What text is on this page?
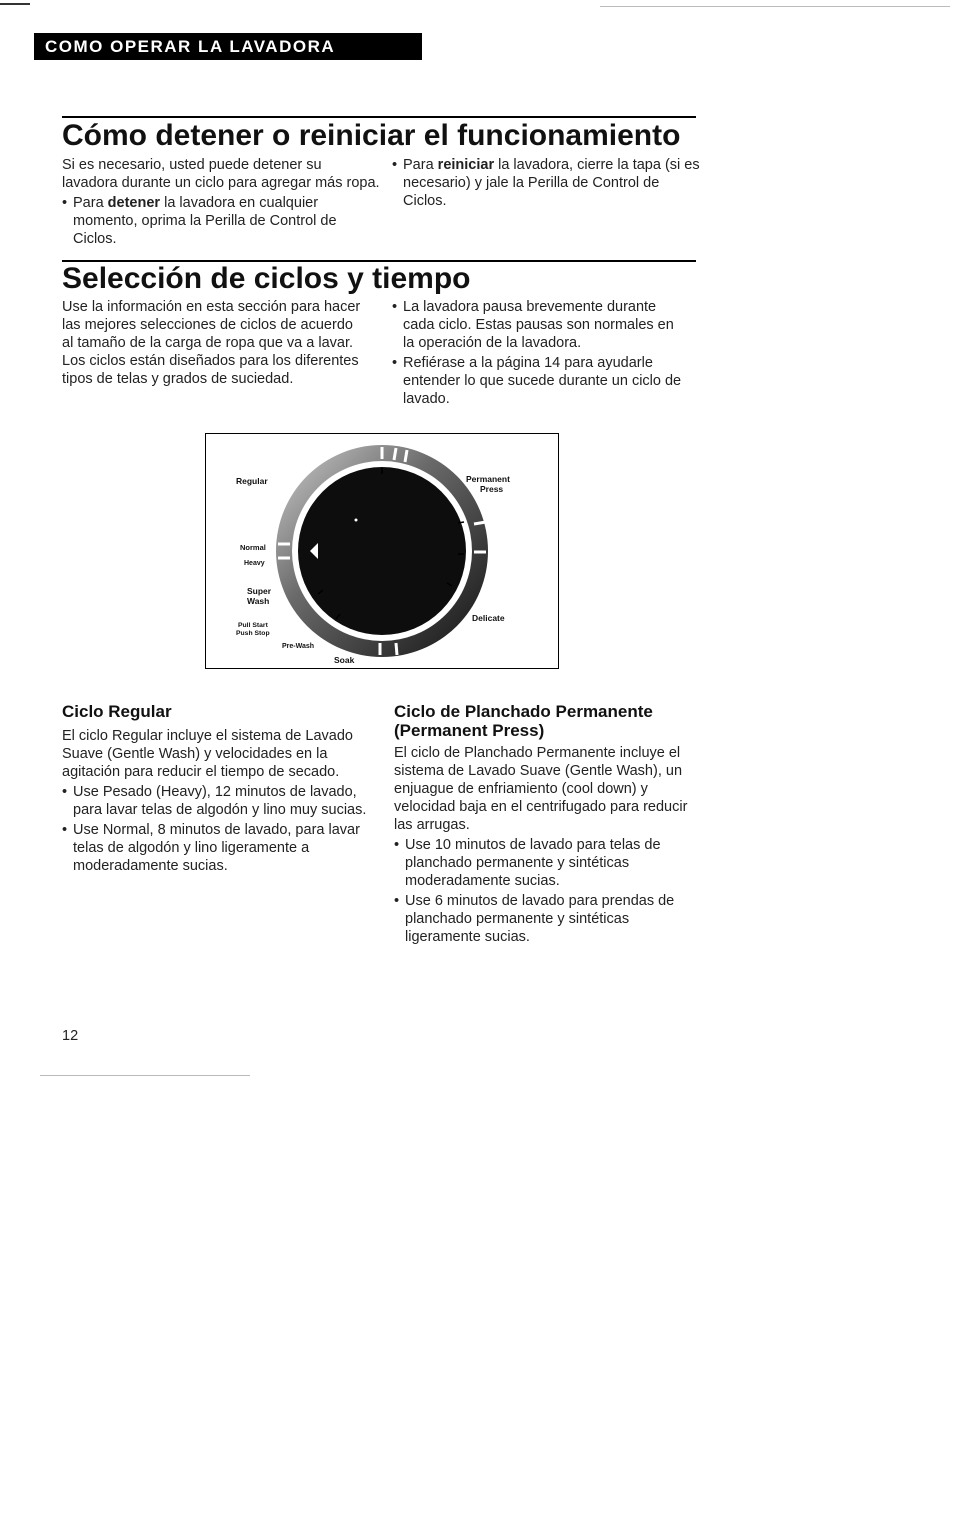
COMO OPERAR LA LAVADORA
Cómo detener o reiniciar el funcionamiento

Si es necesario, usted puede detener su lavadora durante un ciclo para agregar más ropa.

• Para detener la lavadora en cualquier momento, oprima la Perilla de Control de Ciclos.

• Para reiniciar la lavadora, cierre la tapa (si es necesario) y jale la Perilla de Control de Ciclos.

Selección de ciclos y tiempo

Use la información en esta sección para hacer las mejores selecciones de ciclos de acuerdo al tamaño de la carga de ropa que va a lavar. Los ciclos están diseñados para los diferentes tipos de telas y grados de suciedad.

• La lavadora pausa brevemente durante cada ciclo. Estas pausas son normales en la operación de la lavadora.

• Refiérase a la página 14 para ayudarle entender lo que sucede durante un ciclo de lavado.

Regular	Permanent
Press
Normal
Heavy
Super
Wash
Pull Start
Push Stop
Pre-Wash
Soak
Delicate
Ciclo Regular

El ciclo Regular incluye el sistema de Lavado Suave (Gentle Wash) y velocidades en la agitación para reducir el tiempo de secado.

• Use Pesado (Heavy), 12 minutos de lavado, para lavar telas de algodón y lino muy sucias.

• Use Normal, 8 minutos de lavado, para lavar telas de algodón y lino ligeramente a moderadamente sucias.

Ciclo de Planchado Permanente (Permanent Press)

El ciclo de Planchado Permanente incluye el sistema de Lavado Suave (Gentle Wash), un enjuague de enfriamiento (cool down) y velocidad baja en el centrifugado para reducir las arrugas.

• Use 10 minutos de lavado para telas de planchado permanente y sintéticas moderadamente sucias.

• Use 6 minutos de lavado para prendas de planchado permanente y sintéticas ligeramente sucias.

12
